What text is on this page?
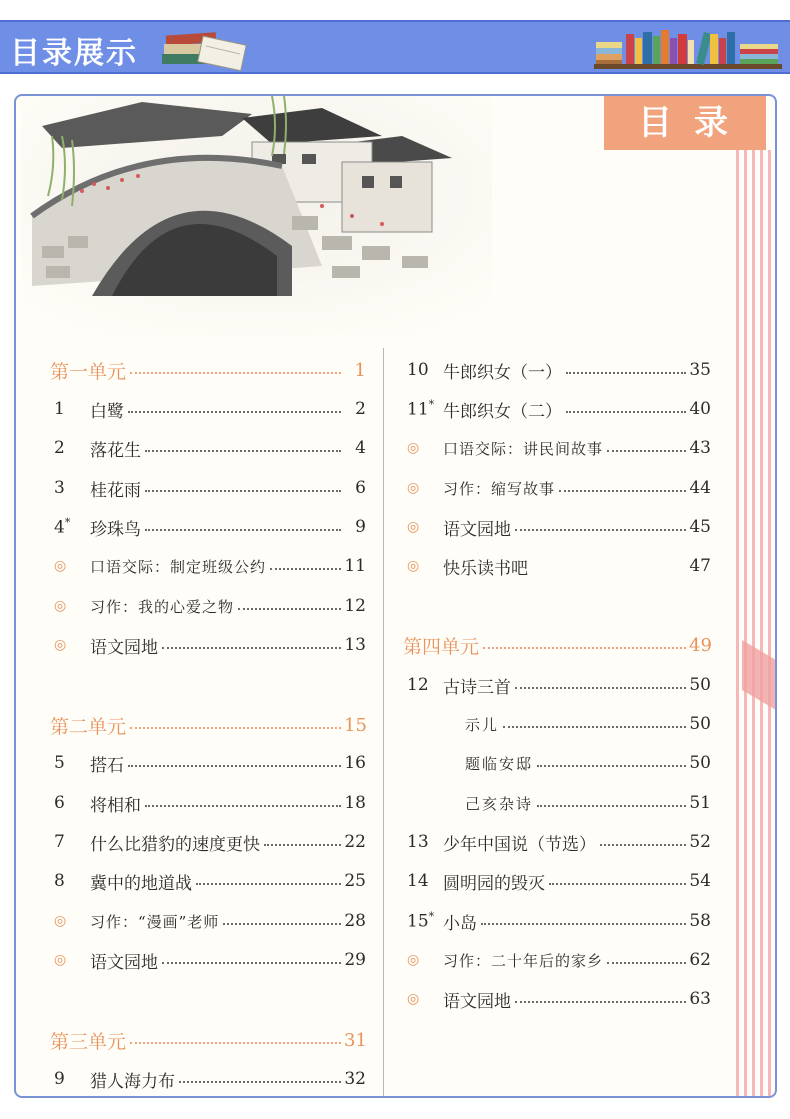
目录展示
目录
第一单元	1
1	白鹭	2
2	落花生	4
3	桂花雨	6
4*	珍珠鸟	9
◎	口语交际：制定班级公约	11
◎	习作：我的心爱之物	12
◎	语文园地	13
第二单元	15
5	搭石	16
6	将相和	18
7	什么比猎豹的速度更快	22
8	冀中的地道战	25
◎	习作：“漫画”老师	28
◎	语文园地	29
第三单元	31
9	猎人海力布	32
10 牛郎织女（一）	35
11* 牛郎织女（二）	40
◎	口语交际：讲民间故事	43
◎	习作：缩写故事	44
◎	语文园地	45
◎	快乐读书吧	47
第四单元	49
12 古诗三首	50
示儿	50
题临安邸	50
己亥杂诗	51
13 少年中国说（节选）	52
14 圆明园的毁灭	54
15* 小岛	58
◎	习作：二十年后的家乡	62
◎	语文园地	63
